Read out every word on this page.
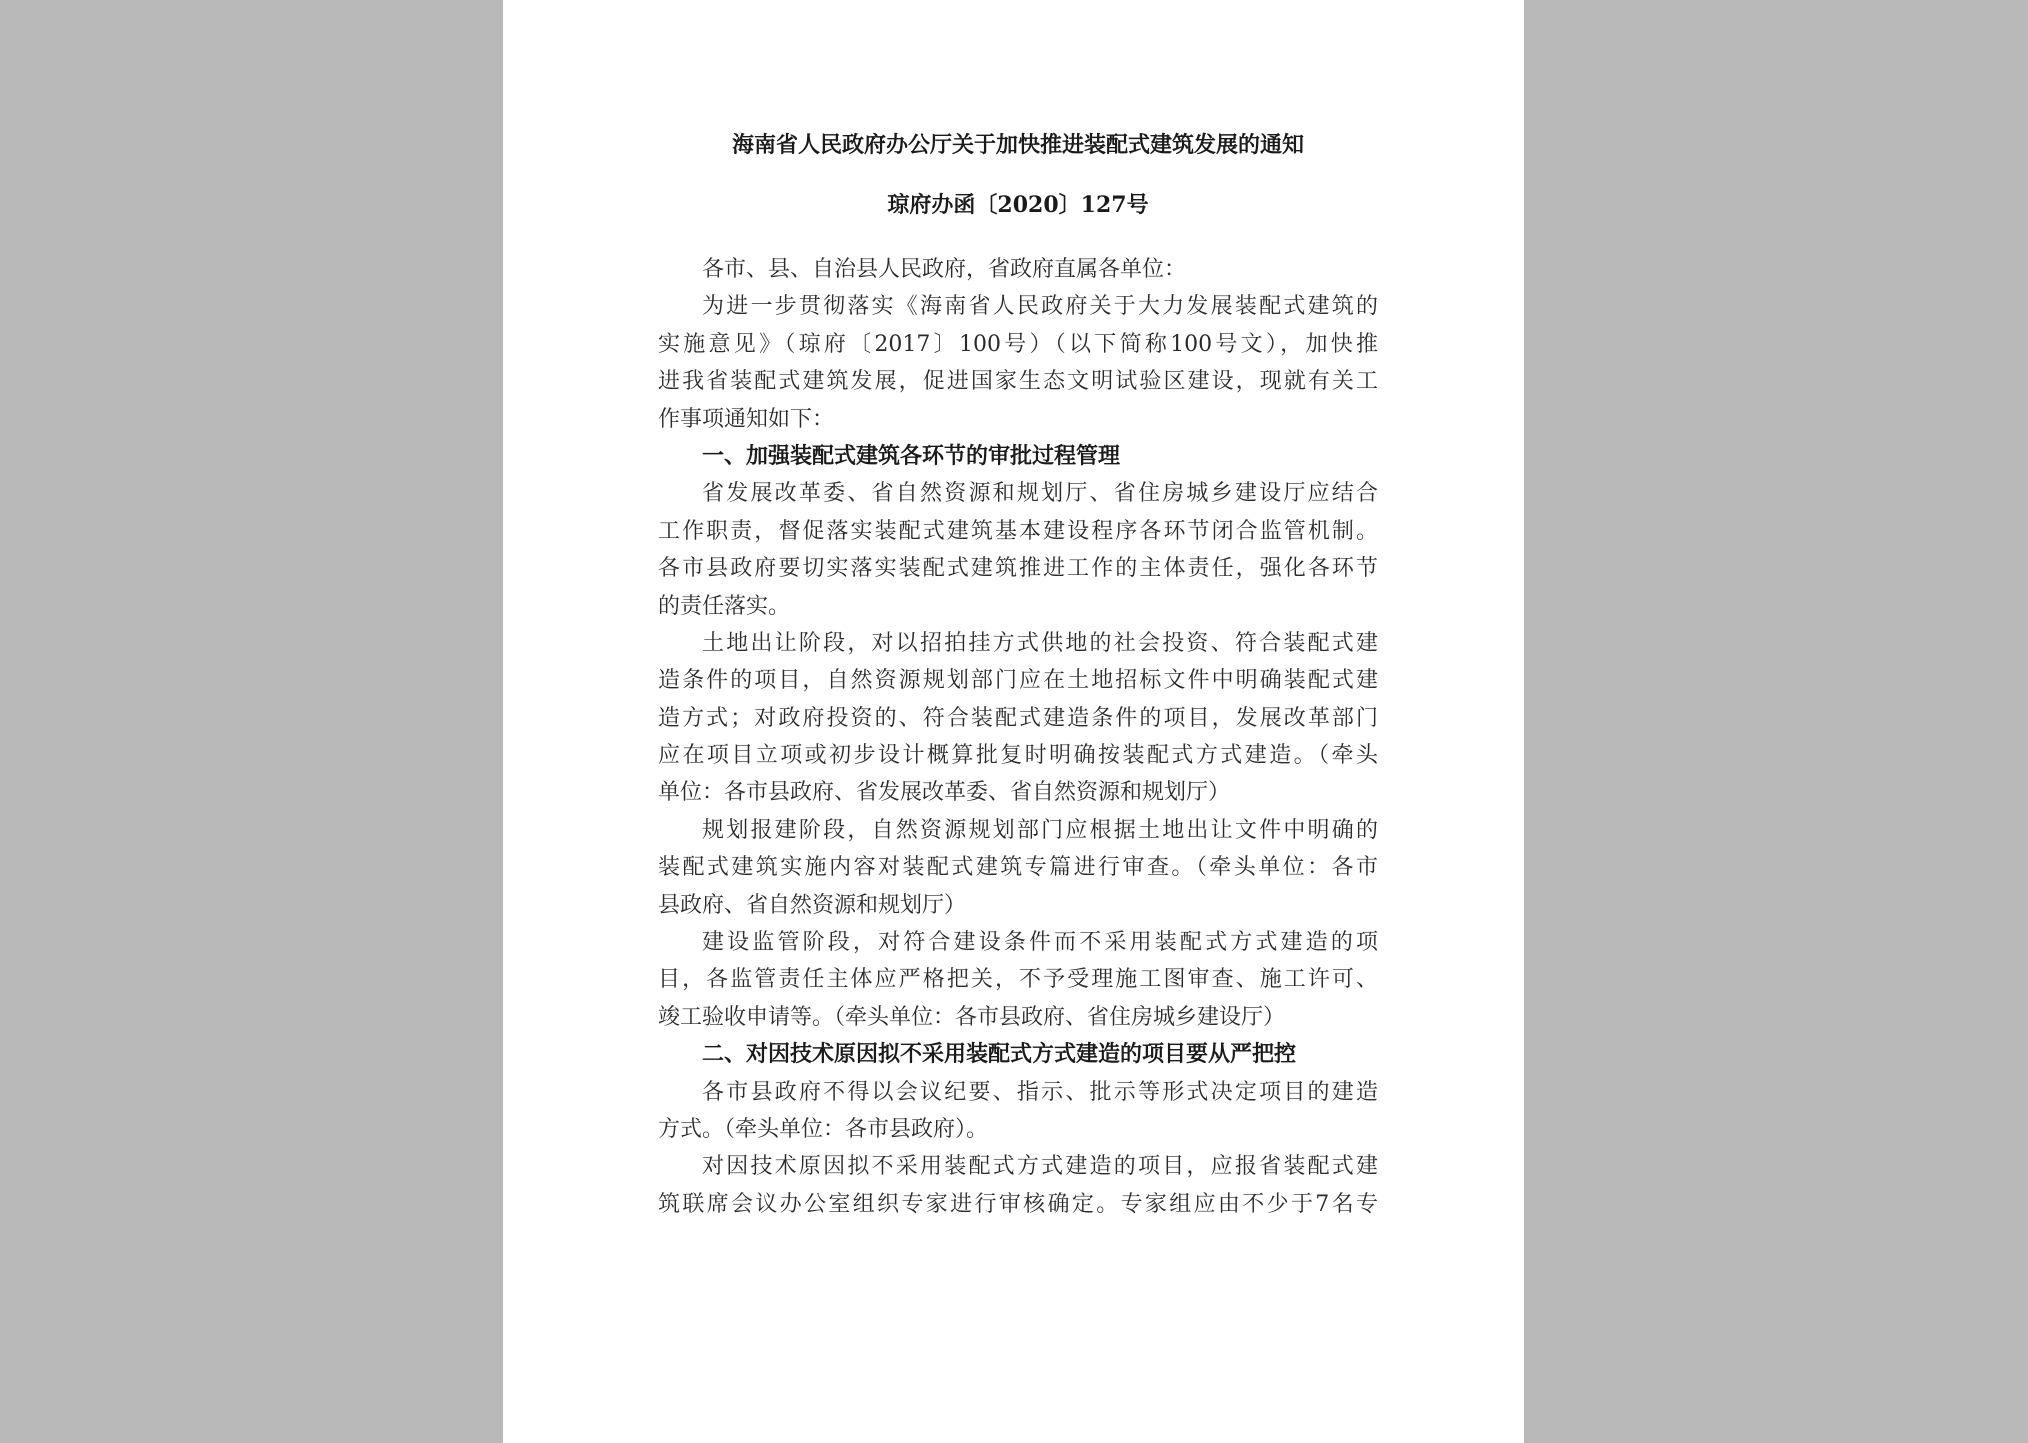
海南省人民政府办公厅关于加快推进装配式建筑发展的通知
琼府办函〔2020〕127号
各市、县、自治县人民政府，省政府直属各单位：
为进一步贯彻落实《海南省人民政府关于大力发展装配式建筑的
实施意见》（琼府〔2017〕100号）（以下简称100号文），加快推
进我省装配式建筑发展，促进国家生态文明试验区建设，现就有关工
作事项通知如下：
一、加强装配式建筑各环节的审批过程管理
省发展改革委、省自然资源和规划厅、省住房城乡建设厅应结合
工作职责，督促落实装配式建筑基本建设程序各环节闭合监管机制。
各市县政府要切实落实装配式建筑推进工作的主体责任，强化各环节
的责任落实。
土地出让阶段，对以招拍挂方式供地的社会投资、符合装配式建
造条件的项目，自然资源规划部门应在土地招标文件中明确装配式建
造方式；对政府投资的、符合装配式建造条件的项目，发展改革部门
应在项目立项或初步设计概算批复时明确按装配式方式建造。（牵头
单位：各市县政府、省发展改革委、省自然资源和规划厅）
规划报建阶段，自然资源规划部门应根据土地出让文件中明确的
装配式建筑实施内容对装配式建筑专篇进行审查。（牵头单位：各市
县政府、省自然资源和规划厅）
建设监管阶段，对符合建设条件而不采用装配式方式建造的项
目，各监管责任主体应严格把关，不予受理施工图审查、施工许可、
竣工验收申请等。（牵头单位：各市县政府、省住房城乡建设厅）
二、对因技术原因拟不采用装配式方式建造的项目要从严把控
各市县政府不得以会议纪要、指示、批示等形式决定项目的建造
方式。（牵头单位：各市县政府）。
对因技术原因拟不采用装配式方式建造的项目，应报省装配式建
筑联席会议办公室组织专家进行审核确定。专家组应由不少于7名专
